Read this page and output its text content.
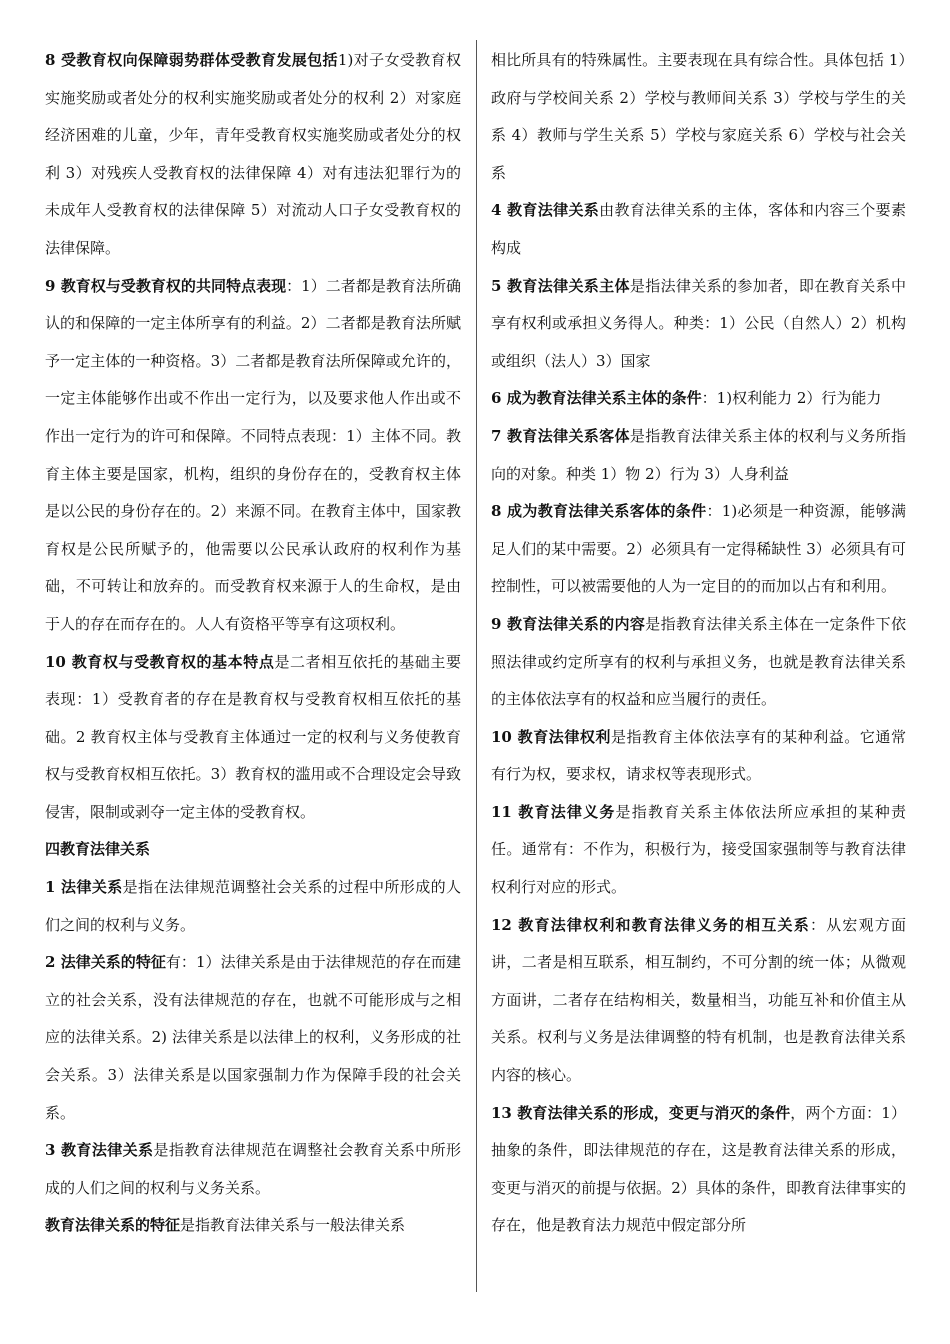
8 受教育权向保障弱势群体受教育发展包括1)对子女受教育权实施奖励或者处分的权利实施奖励或者处分的权利 2）对家庭经济困难的儿童，少年，青年受教育权实施奖励或者处分的权利 3）对残疾人受教育权的法律保障 4）对有违法犯罪行为的未成年人受教育权的法律保障 5）对流动人口子女受教育权的法律保障。

9 教育权与受教育权的共同特点表现：1）二者都是教育法所确认的和保障的一定主体所享有的利益。2）二者都是教育法所赋予一定主体的一种资格。3）二者都是教育法所保障或允许的，一定主体能够作出或不作出一定行为，以及要求他人作出或不作出一定行为的许可和保障。不同特点表现：1）主体不同。教育主体主要是国家，机构，组织的身份存在的，受教育权主体是以公民的身份存在的。2）来源不同。在教育主体中，国家教育权是公民所赋予的，他需要以公民承认政府的权利作为基础，不可转让和放弃的。而受教育权来源于人的生命权，是由于人的存在而存在的。人人有资格平等享有这项权利。

10 教育权与受教育权的基本特点是二者相互依托的基础主要表现：1）受教育者的存在是教育权与受教育权相互依托的基础。2 教育权主体与受教育主体通过一定的权利与义务使教育权与受教育权相互依托。3）教育权的滥用或不合理设定会导致侵害，限制或剥夺一定主体的受教育权。

四教育法律关系

1 法律关系是指在法律规范调整社会关系的过程中所形成的人们之间的权利与义务。

2 法律关系的特征有：1）法律关系是由于法律规范的存在而建立的社会关系，没有法律规范的存在，也就不可能形成与之相应的法律关系。2) 法律关系是以法律上的权利，义务形成的社会关系。3）法律关系是以国家强制力作为保障手段的社会关系。

3 教育法律关系是指教育法律规范在调整社会教育关系中所形成的人们之间的权利与义务关系。

教育法律关系的特征是指教育法律关系与一般法律关系

相比所具有的特殊属性。主要表现在具有综合性。具体包括 1）政府与学校间关系 2）学校与教师间关系 3）学校与学生的关系 4）教师与学生关系 5）学校与家庭关系 6）学校与社会关系

4 教育法律关系由教育法律关系的主体，客体和内容三个要素构成

5 教育法律关系主体是指法律关系的参加者，即在教育关系中享有权利或承担义务得人。种类：1）公民（自然人）2）机构或组织（法人）3）国家

6 成为教育法律关系主体的条件：1)权利能力 2）行为能力

7 教育法律关系客体是指教育法律关系主体的权利与义务所指向的对象。种类 1）物 2）行为 3）人身利益

8 成为教育法律关系客体的条件：1)必须是一种资源，能够满足人们的某中需要。2）必须具有一定得稀缺性 3）必须具有可控制性，可以被需要他的人为一定目的的而加以占有和利用。

9 教育法律关系的内容是指教育法律关系主体在一定条件下依照法律或约定所享有的权利与承担义务，也就是教育法律关系的主体依法享有的权益和应当履行的责任。

10 教育法律权利是指教育主体依法享有的某种利益。它通常有行为权，要求权，请求权等表现形式。

11 教育法律义务是指教育关系主体依法所应承担的某种责任。通常有：不作为，积极行为，接受国家强制等与教育法律权利行对应的形式。

12 教育法律权利和教育法律义务的相互关系：从宏观方面讲，二者是相互联系，相互制约，不可分割的统一体；从微观方面讲，二者存在结构相关，数量相当，功能互补和价值主从关系。权利与义务是法律调整的特有机制，也是教育法律关系内容的核心。

13 教育法律关系的形成，变更与消灭的条件，两个方面：1）抽象的条件，即法律规范的存在，这是教育法律关系的形成，变更与消灭的前提与依据。2）具体的条件，即教育法律事实的存在，他是教育法力规范中假定部分所
